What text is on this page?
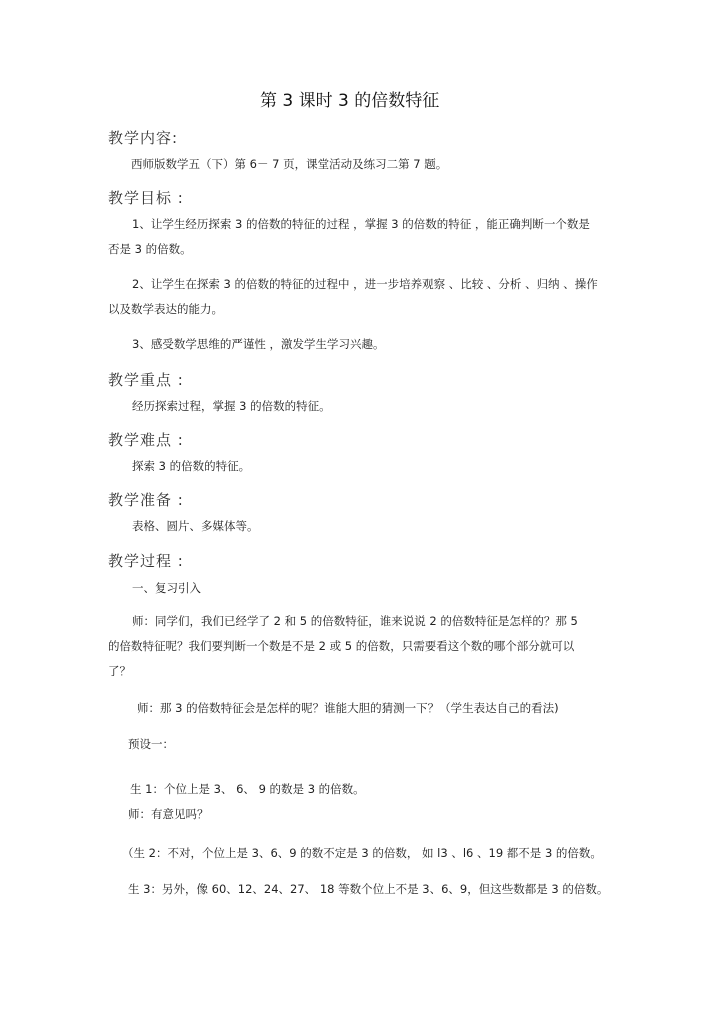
第 3 课时 3 的倍数特征
教学内容:
西师版数学五（下）第 6－ 7 页，课堂活动及练习二第 7 题。
教学目标 :
1、让学生经历探索 3 的倍数的特征的过程 ，掌握 3 的倍数的特征 ，能正确判断一个数是
否是 3 的倍数。
2、让学生在探索 3 的倍数的特征的过程中 ，进一步培养观察 、比较 、分析 、归纳 、操作
以及数学表达的能力。
3、感受数学思维的严谨性 ，激发学生学习兴趣。
教学重点 :
经历探索过程，掌握 3 的倍数的特征。
教学难点 :
探索 3 的倍数的特征。
教学准备 :
表格、圆片、多媒体等。
教学过程 :
一、复习引入
师：同学们，我们已经学了 2 和 5 的倍数特征，谁来说说 2 的倍数特征是怎样的？那 5
的倍数特征呢？我们要判断一个数是不是 2 或 5 的倍数，只需要看这个数的哪个部分就可以
了？
师：那 3 的倍数特征会是怎样的呢？谁能大胆的猜测一下？（学生表达自己的看法)
预设一：
生 1：个位上是 3、 6、 9 的数是 3 的倍数。
师：有意见吗？
（生 2：不对，个位上是 3、6、9 的数不定是 3 的倍数， 如 l3 、l6 、19 都不是 3 的倍数。
生 3：另外，像 60、12、24、27、 18 等数个位上不是 3、6、9，但这些数都是 3 的倍数。
